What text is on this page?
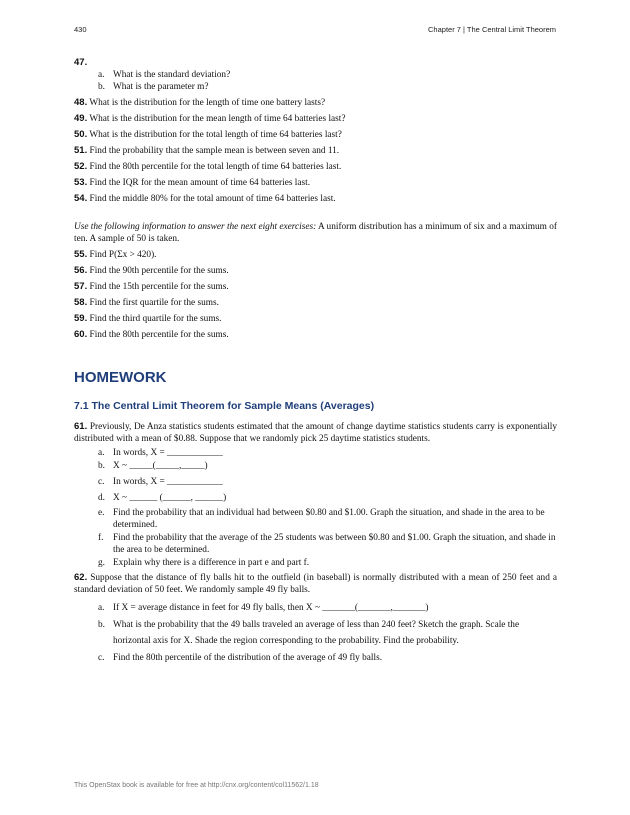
430	Chapter 7 | The Central Limit Theorem
47.
a. What is the standard deviation?
b. What is the parameter m?
48. What is the distribution for the length of time one battery lasts?
49. What is the distribution for the mean length of time 64 batteries last?
50. What is the distribution for the total length of time 64 batteries last?
51. Find the probability that the sample mean is between seven and 11.
52. Find the 80th percentile for the total length of time 64 batteries last.
53. Find the IQR for the mean amount of time 64 batteries last.
54. Find the middle 80% for the total amount of time 64 batteries last.
Use the following information to answer the next eight exercises: A uniform distribution has a minimum of six and a maximum of ten. A sample of 50 is taken.
55. Find P(Σx > 420).
56. Find the 90th percentile for the sums.
57. Find the 15th percentile for the sums.
58. Find the first quartile for the sums.
59. Find the third quartile for the sums.
60. Find the 80th percentile for the sums.
HOMEWORK
7.1 The Central Limit Theorem for Sample Means (Averages)
61. Previously, De Anza statistics students estimated that the amount of change daytime statistics students carry is exponentially distributed with a mean of $0.88. Suppose that we randomly pick 25 daytime statistics students.
a. In words, X = ____________
b. X ~ _____(_____,_____)
c. In words, X = ____________
d. X ~ ______ (______, ______)
e. Find the probability that an individual had between $0.80 and $1.00. Graph the situation, and shade in the area to be determined.
f.	Find the probability that the average of the 25 students was between $0.80 and $1.00. Graph the situation, and shade in the area to be determined.
g. Explain why there is a difference in part e and part f.
62. Suppose that the distance of fly balls hit to the outfield (in baseball) is normally distributed with a mean of 250 feet and a standard deviation of 50 feet. We randomly sample 49 fly balls.
a. If X = average distance in feet for 49 fly balls, then X ~ _______(_______,_______)
b. What is the probability that the 49 balls traveled an average of less than 240 feet? Sketch the graph. Scale the horizontal axis for X. Shade the region corresponding to the probability. Find the probability.
c. Find the 80th percentile of the distribution of the average of 49 fly balls.
This OpenStax book is available for free at http://cnx.org/content/col11562/1.18
